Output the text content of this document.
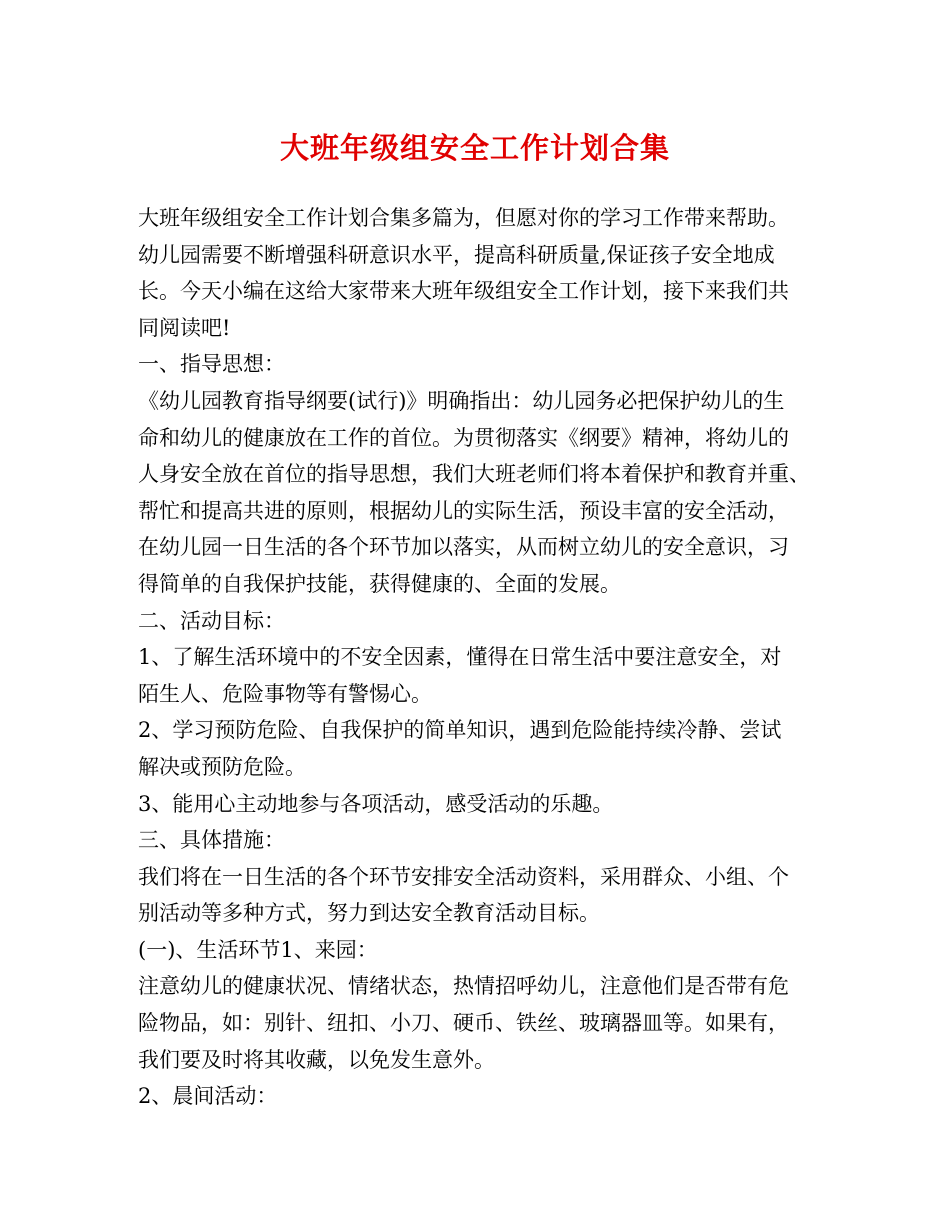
大班年级组安全工作计划合集
大班年级组安全工作计划合集多篇为，但愿对你的学习工作带来帮助。
幼儿园需要不断增强科研意识水平，提高科研质量,保证孩子安全地成
长。今天小编在这给大家带来大班年级组安全工作计划，接下来我们共
同阅读吧!
一、指导思想：
《幼儿园教育指导纲要(试行)》明确指出：幼儿园务必把保护幼儿的生
命和幼儿的健康放在工作的首位。为贯彻落实《纲要》精神，将幼儿的
人身安全放在首位的指导思想，我们大班老师们将本着保护和教育并重、
帮忙和提高共进的原则，根据幼儿的实际生活，预设丰富的安全活动，
在幼儿园一日生活的各个环节加以落实，从而树立幼儿的安全意识，习
得简单的自我保护技能，获得健康的、全面的发展。
二、活动目标：
1、了解生活环境中的不安全因素，懂得在日常生活中要注意安全，对
陌生人、危险事物等有警惕心。
2、学习预防危险、自我保护的简单知识，遇到危险能持续冷静、尝试
解决或预防危险。
3、能用心主动地参与各项活动，感受活动的乐趣。
三、具体措施：
我们将在一日生活的各个环节安排安全活动资料，采用群众、小组、个
别活动等多种方式，努力到达安全教育活动目标。
(一)、生活环节1、来园：
注意幼儿的健康状况、情绪状态，热情招呼幼儿，注意他们是否带有危
险物品，如：别针、纽扣、小刀、硬币、铁丝、玻璃器皿等。如果有，
我们要及时将其收藏，以免发生意外。
2、晨间活动：
